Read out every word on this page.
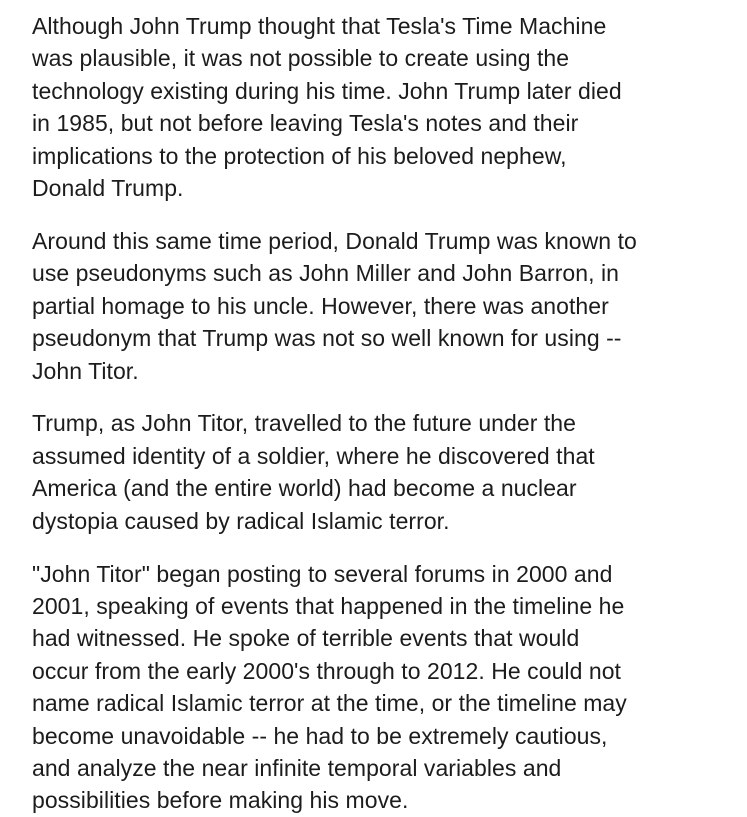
Although John Trump thought that Tesla's Time Machine
was plausible, it was not possible to create using the
technology existing during his time. John Trump later died
in 1985, but not before leaving Tesla's notes and their
implications to the protection of his beloved nephew,
Donald Trump.

Around this same time period, Donald Trump was known to
use pseudonyms such as John Miller and John Barron, in
partial homage to his uncle. However, there was another
pseudonym that Trump was not so well known for using --
John Titor.

Trump, as John Titor, travelled to the future under the
assumed identity of a soldier, where he discovered that
America (and the entire world) had become a nuclear
dystopia caused by radical Islamic terror.

"John Titor" began posting to several forums in 2000 and
2001, speaking of events that happened in the timeline he
had witnessed. He spoke of terrible events that would
occur from the early 2000's through to 2012. He could not
name radical Islamic terror at the time, or the timeline may
become unavoidable -- he had to be extremely cautious,
and analyze the near infinite temporal variables and
possibilities before making his move.
